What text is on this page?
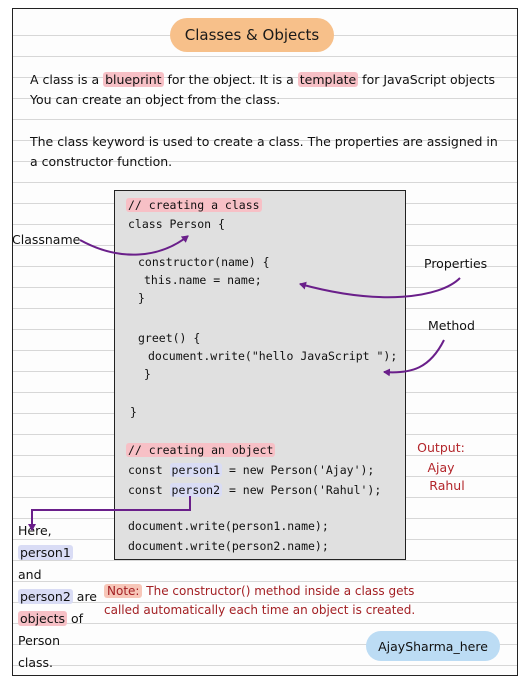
Classes & Objects
A class is a blueprint for the object. It is a template for JavaScript objects
You can create an object from the class.
The class keyword is used to create a class. The properties are assigned in
a constructor function.
// creating a class
class Person {
constructor(name) {
this.name = name;
}
greet() {
document.write("hello JavaScript ");
}
}
// creating an object
const person1 = new Person('Ajay');
const person2 = new Person('Rahul');
document.write(person1.name);
document.write(person2.name);
Classname
Properties
Method
Output:
Ajay
Rahul
Here,
person1
and
person2 are
objects of
Person
class.
Note: The constructor() method inside a class gets
called automatically each time an object is created.
AjaySharma_here
